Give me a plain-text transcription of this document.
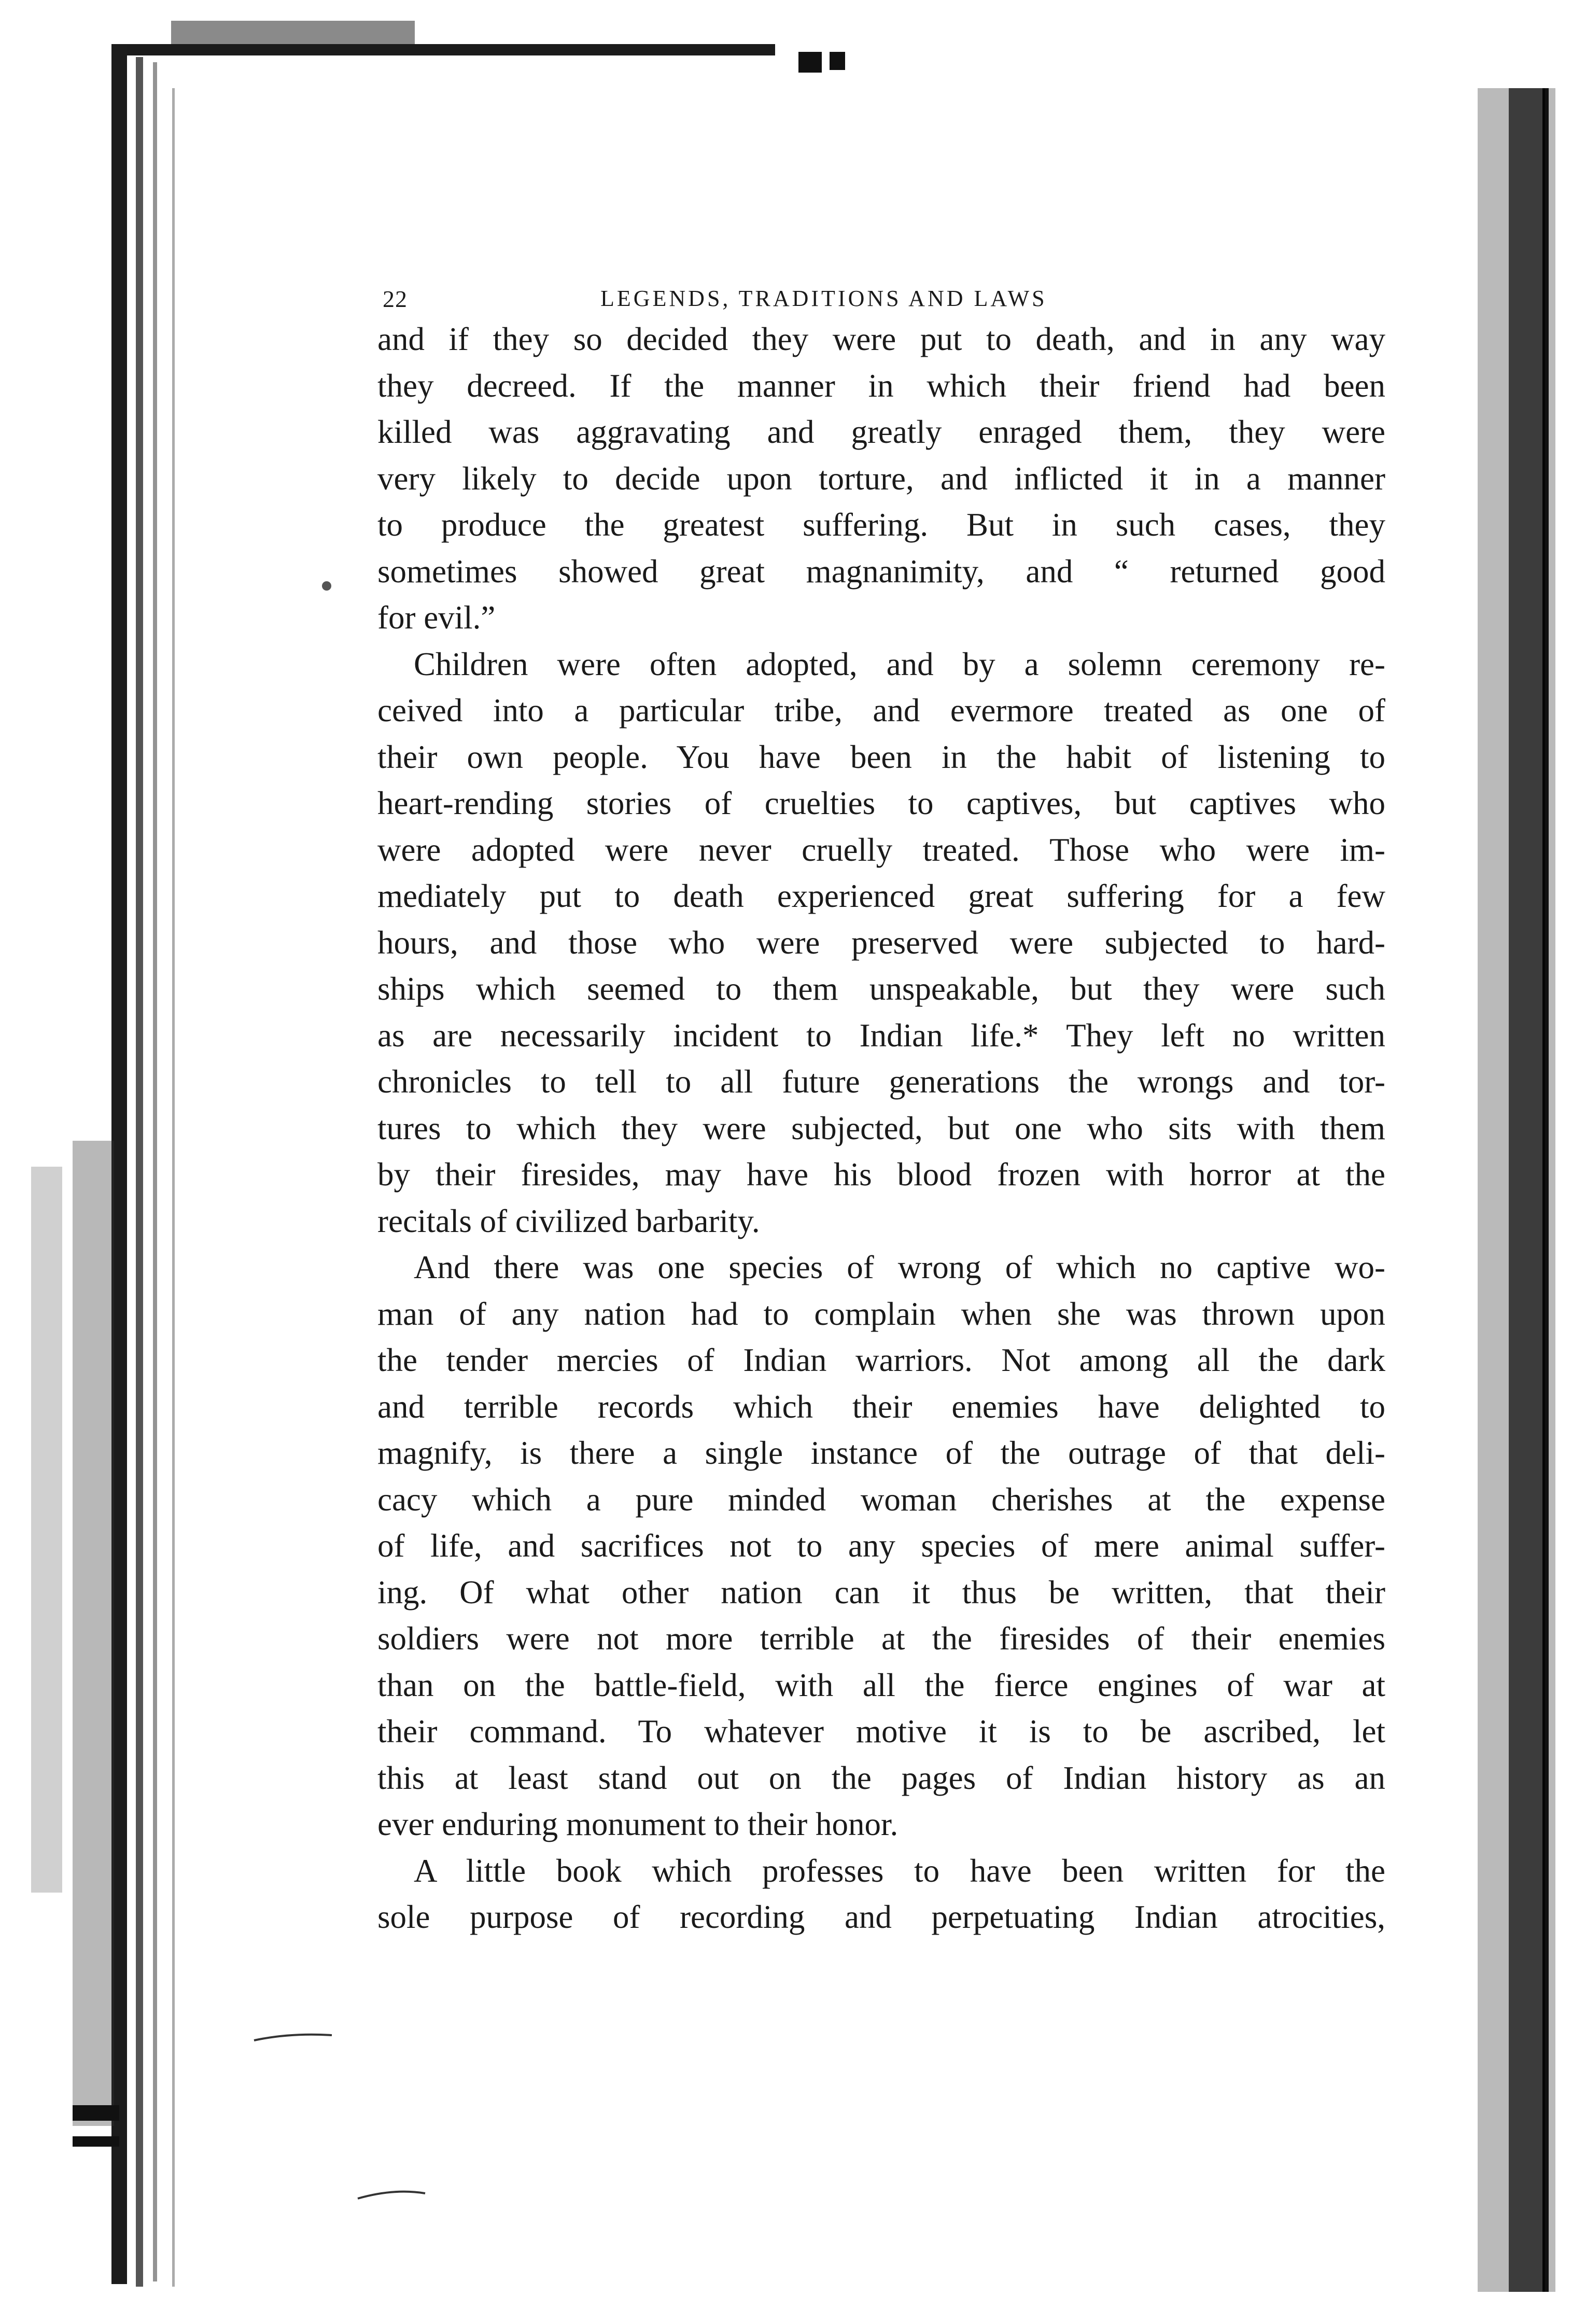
22	LEGENDS, TRADITIONS AND LAWS
and if they so decided they were put to death, and in any way
they decreed. If the manner in which their friend had been
killed was aggravating and greatly enraged them, they were
very likely to decide upon torture, and inflicted it in a manner
to produce the greatest suffering. But in such cases, they
sometimes showed great magnanimity, and “ returned good
for evil.”
Children were often adopted, and by a solemn ceremony re-
ceived into a particular tribe, and evermore treated as one of
their own people. You have been in the habit of listening to
heart-rending stories of cruelties to captives, but captives who
were adopted were never cruelly treated. Those who were im-
mediately put to death experienced great suffering for a few
hours, and those who were preserved were subjected to hard-
ships which seemed to them unspeakable, but they were such
as are necessarily incident to Indian life.* They left no written
chronicles to tell to all future generations the wrongs and tor-
tures to which they were subjected, but one who sits with them
by their firesides, may have his blood frozen with horror at the
recitals of civilized barbarity.
And there was one species of wrong of which no captive wo-
man of any nation had to complain when she was thrown upon
the tender mercies of Indian warriors. Not among all the dark
and terrible records which their enemies have delighted to
magnify, is there a single instance of the outrage of that deli-
cacy which a pure minded woman cherishes at the expense
of life, and sacrifices not to any species of mere animal suffer-
ing. Of what other nation can it thus be written, that their
soldiers were not more terrible at the firesides of their enemies
than on the battle-field, with all the fierce engines of war at
their command. To whatever motive it is to be ascribed, let
this at least stand out on the pages of Indian history as an
ever enduring monument to their honor.
A little book which professes to have been written for the
sole purpose of recording and perpetuating Indian atrocities,
